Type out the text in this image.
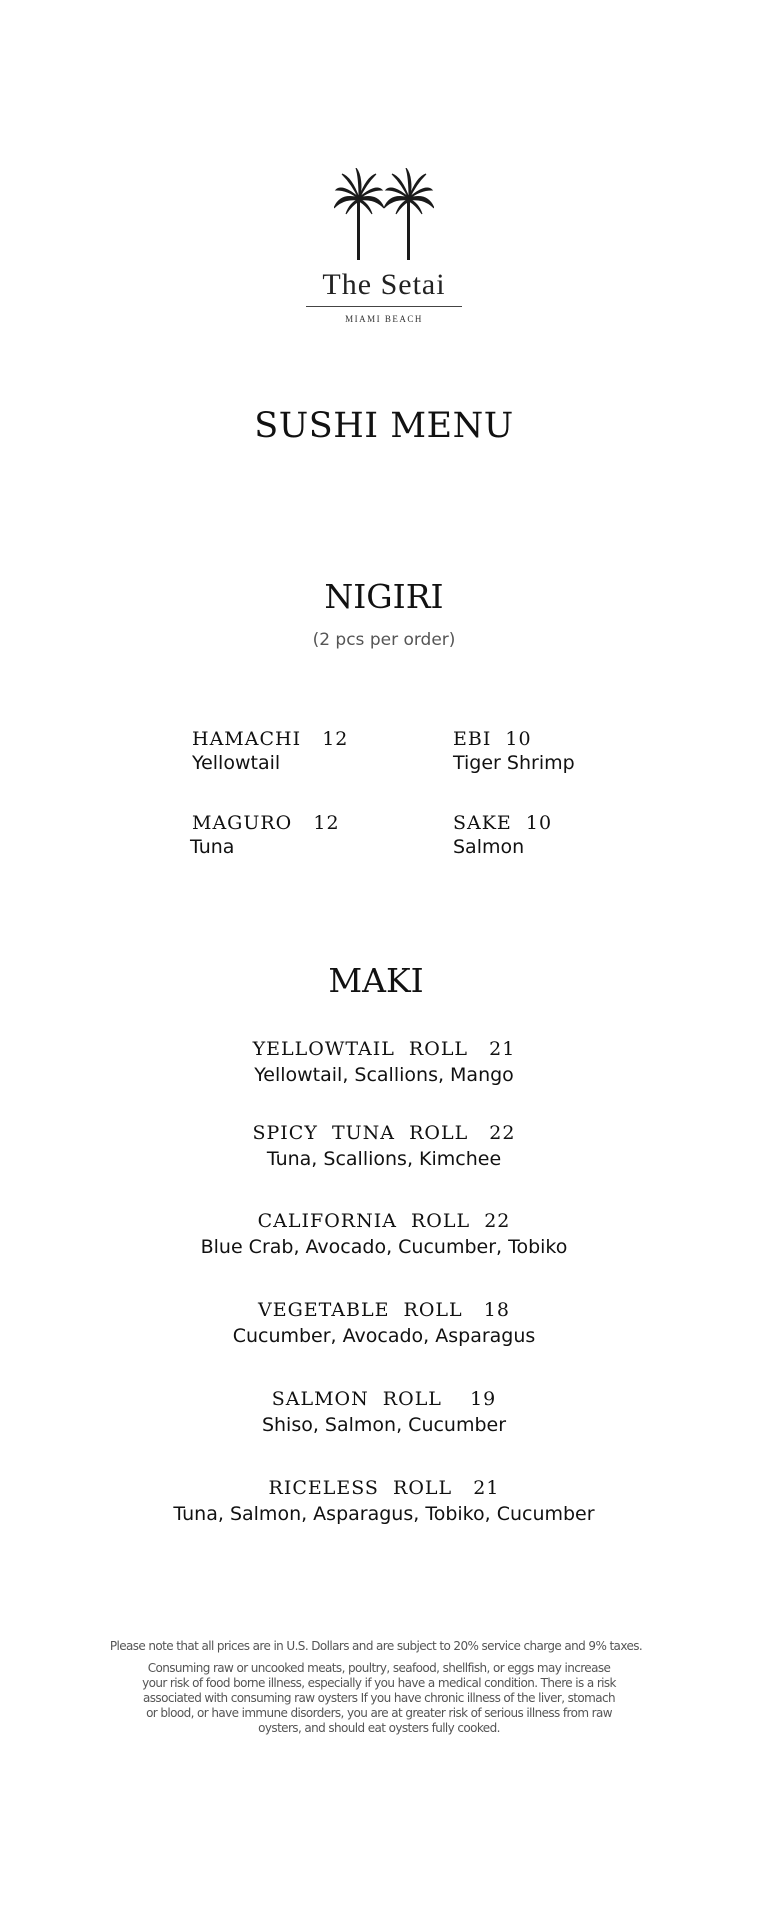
The Setai
MIAMI BEACH
SUSHI MENU
NIGIRI
(2 pcs per order)
HAMACHI   12
Yellowtail
EBI  10
Tiger Shrimp
MAGURO   12
Tuna
SAKE  10
Salmon
MAKI
YELLOWTAIL  ROLL   21
Yellowtail, Scallions, Mango
SPICY  TUNA  ROLL   22
Tuna, Scallions, Kimchee
CALIFORNIA  ROLL  22
Blue Crab, Avocado, Cucumber, Tobiko
VEGETABLE  ROLL   18
Cucumber, Avocado, Asparagus
SALMON  ROLL    19
Shiso, Salmon, Cucumber
RICELESS  ROLL   21
Tuna, Salmon, Asparagus, Tobiko, Cucumber
Please note that all prices are in U.S. Dollars and are subject to 20% service charge and 9% taxes.
Consuming raw or uncooked meats, poultry, seafood, shellfish, or eggs may increase
your risk of food borne illness, especially if you have a medical condition. There is a risk
associated with consuming raw oysters If you have chronic illness of the liver, stomach
or blood, or have immune disorders, you are at greater risk of serious illness from raw
oysters, and should eat oysters fully cooked.
